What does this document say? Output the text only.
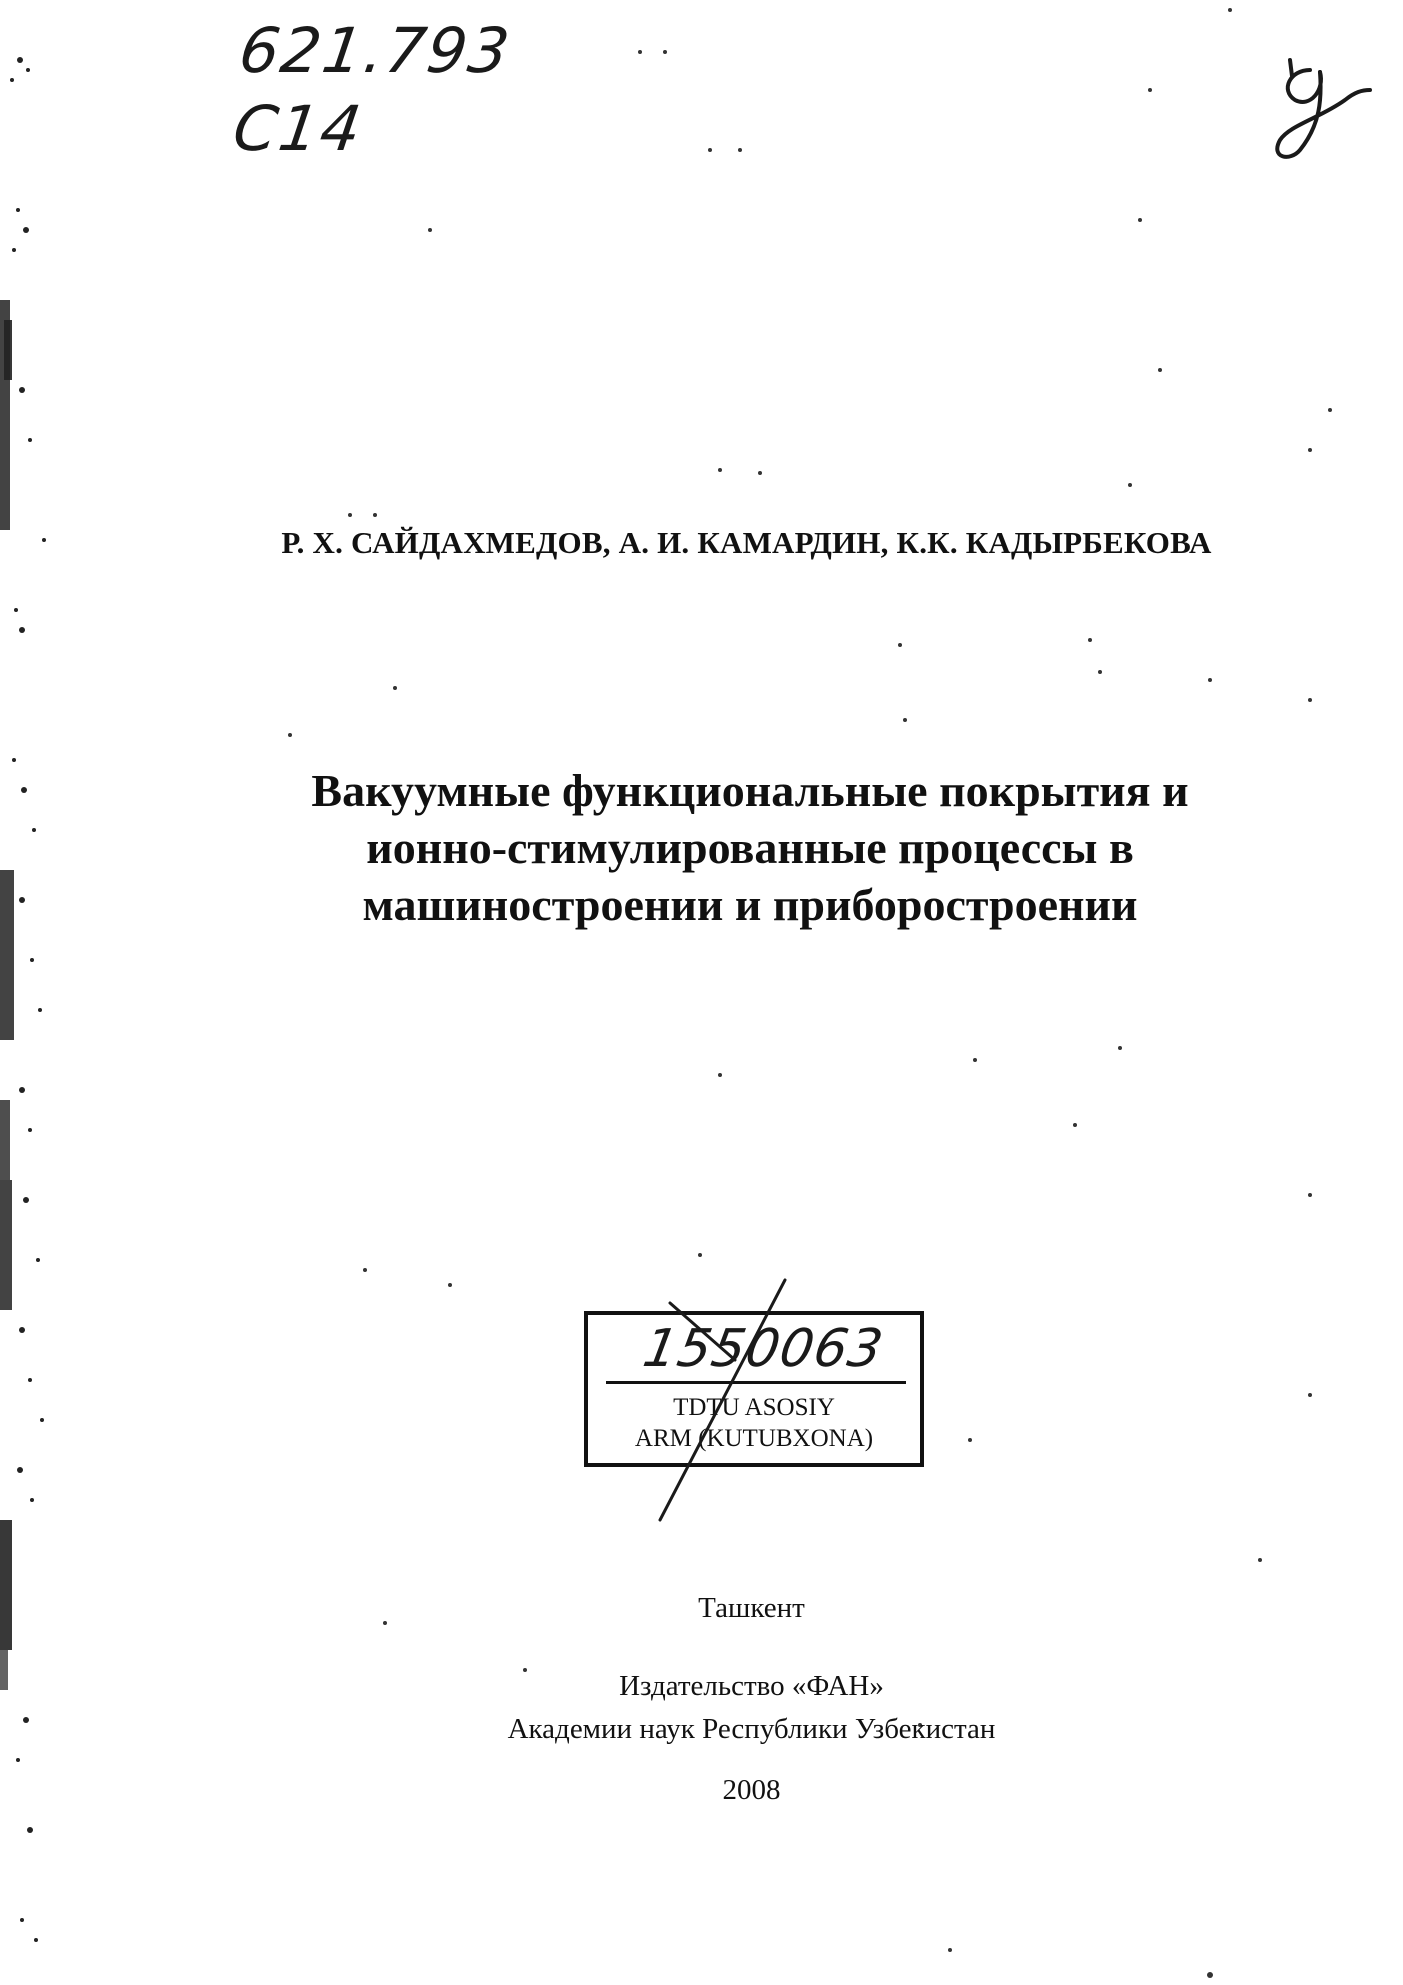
621.793
C14
Р. Х. САЙДАХМЕДОВ, А. И. КАМАРДИН, К.К. КАДЫРБЕКОВА
Вакуумные функциональные покрытия и
ионно-стимулированные процессы в
машиностроении и приборостроении
1550063
TDTU ASOSIY
ARM (KUTUBXONA)
Ташкент
Издательство «ФАН»
Академии наук Республики Узбекистан
2008
